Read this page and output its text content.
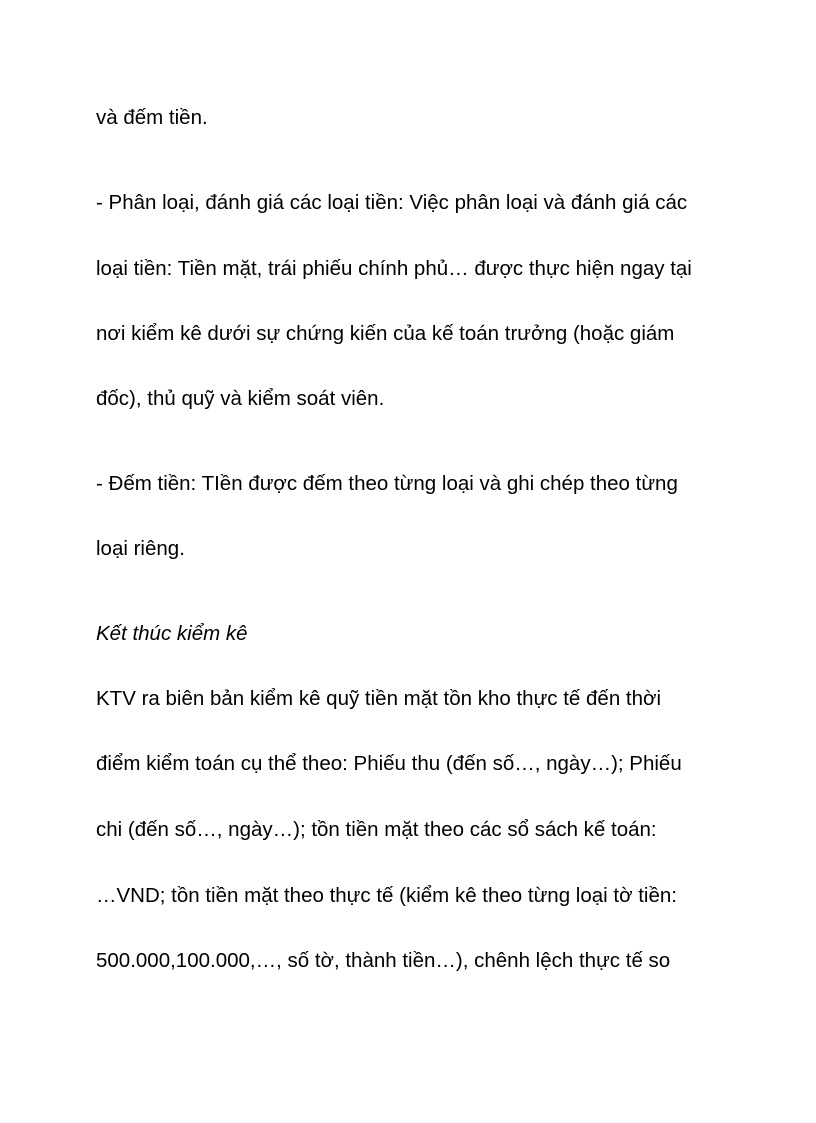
và đếm tiền.
- Phân loại, đánh giá các loại tiền: Việc phân loại và đánh giá các
loại tiền: Tiền mặt, trái phiếu chính phủ… được thực hiện ngay tại
nơi kiểm kê dưới sự chứng kiến của kế toán trưởng (hoặc giám
đốc), thủ quỹ và kiểm soát viên.
- Đếm tiền: TIền được đếm theo từng loại và ghi chép theo từng
loại riêng.
Kết thúc kiểm kê
KTV ra biên bản kiểm kê quỹ tiền mặt tồn kho thực tế đến thời
điểm kiểm toán cụ thể theo: Phiếu thu (đến số…, ngày…); Phiếu
chi (đến số…, ngày…); tồn tiền mặt theo các sổ sách kế toán:
…VND; tồn tiền mặt theo thực tế (kiểm kê theo từng loại tờ tiền:
500.000,100.000,…, số tờ, thành tiền…), chênh lệch thực tế so
